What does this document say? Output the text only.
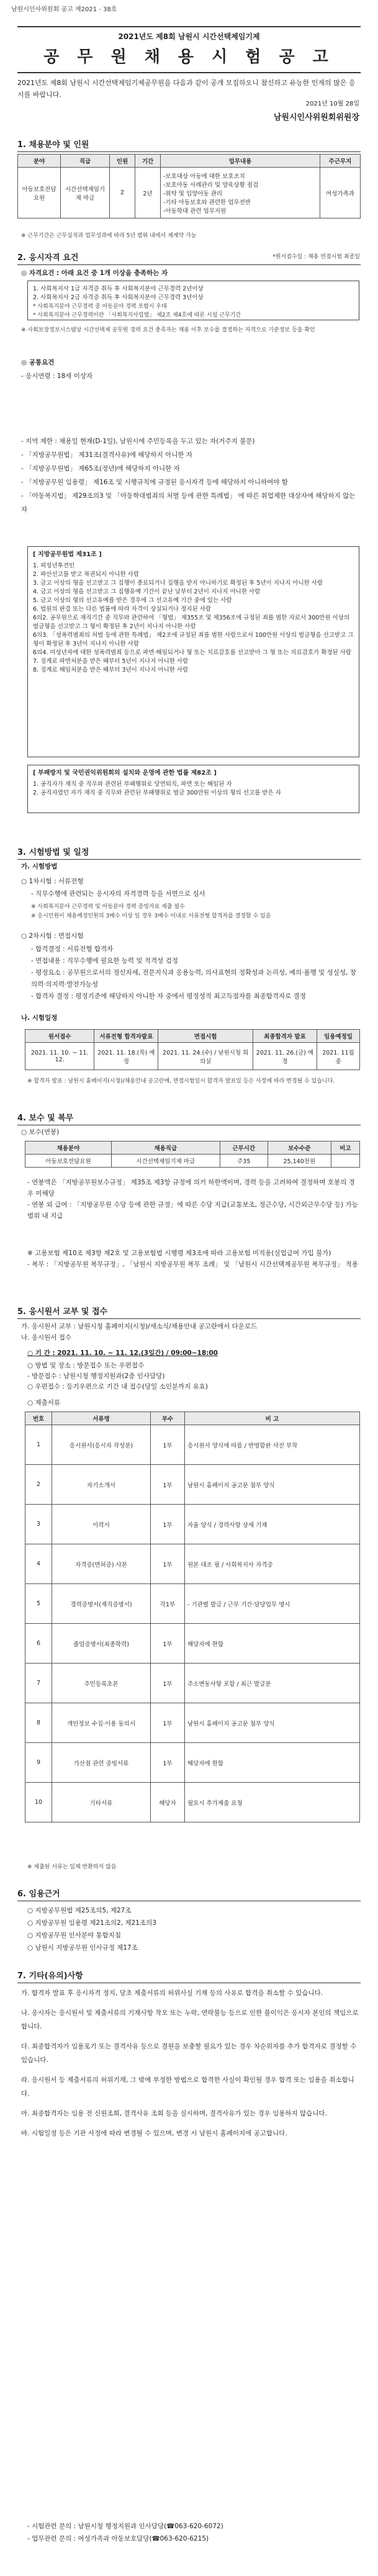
남원시인사위원회 공고 제2021 - 38호
2021년도 제8회 남원시 시간선택제임기제
공 무 원 채 용 시 험 공 고
2021년도 제8회 남원시 시간선택제임기제공무원을 다음과 같이 공개 모집하오니 참신하고 유능한 인재의 많은 응시를 바랍니다.
2021년 10월 28일
남원시인사위원회위원장
1. 채용분야 및 인원
분야	직급	인원	기간	업무내용	주근무지
아동보호전담요원	시간선택제임기제 마급	2	2년	-보호대상 아동에 대한 보호조치
-보호아동 사례관리 및 양육상황 점검
-위탁 및 입양아동 관리
-기타 아동보호와 관련한 업무전반
-아동학대 관련 업무지원	여성가족과
※ 근무기간은 근무실적과 업무성과에 따라 5년 범위 내에서 재계약 가능
2. 응시자격 요건	*원서접수일 : 채용 면접시험 최종일
◎ 자격요건 : 아래 요건 중 1개 이상을 충족하는 자
1. 사회복지사 1급 자격증 취득 후 사회복지분야 근무경력 2년이상
2. 사회복지사 2급 자격증 취득 후 사회복지분야 근무경력 3년이상
* 사회복지분야 근무경력 중 아동분야 경력 포함시 우대
* 사회복지분야 근무경력이란 「사회복지사업법」 제2조 제4호에 따른 시설 근무기간
※ 사회보장정보시스템상 시간선택제 공무원 경력 요건 충족자는 채용 이후 보수를 결정하는 자격으로 기준정보 등을 확인
◎ 공통요건
- 응시연령 : 18세 이상자
- 지역 제한 : 채용일 현재(D-1일), 남원시에 주민등록을 두고 있는 자(거주지 불문)
- 「지방공무원법」 제31조(결격사유)에 해당하지 아니한 자
- 「지방공무원법」 제65조(정년)에 해당하지 아니한 자
- 「지방공무원 임용령」 제16조 및 시행규칙에 규정된 응시자격 등에 해당하지 아니하여야 함
- 「아동복지법」 제29조의3 및 「아동학대범죄의 처벌 등에 관한 특례법」 에 따른 취업제한 대상자에 해당하지 않는 자
[ 지방공무원법 제31조 ]
1. 피성년후견인
2. 파산선고를 받고 복권되지 아니한 사람
3. 금고 이상의 형을 선고받고 그 집행이 종료되거나 집행을 받지 아니하기로 확정된 후 5년이 지나지 아니한 사람
4. 금고 이상의 형을 선고받고 그 집행유예 기간이 끝난 날부터 2년이 지나지 아니한 사람
5. 금고 이상의 형의 선고유예를 받은 경우에 그 선고유예 기간 중에 있는 사람
6. 법원의 판결 또는 다른 법률에 따라 자격이 상실되거나 정지된 사람
6의2. 공무원으로 재직기간 중 직무와 관련하여 「형법」 제355조 및 제356조에 규정된 죄를 범한 자로서 300만원 이상의 벌금형을 선고받고 그 형이 확정된 후 2년이 지나지 아니한 사람
6의3. 「성폭력범죄의 처벌 등에 관한 특례법」 제2조에 규정된 죄를 범한 사람으로서 100만원 이상의 벌금형을 선고받고 그 형이 확정된 후 3년이 지나지 아니한 사람
6의4. 미성년자에 대한 성폭력범죄 등으로 파면·해임되거나 형 또는 치료감호를 선고받아 그 형 또는 치료감호가 확정된 사람
7. 징계로 파면처분을 받은 때부터 5년이 지나지 아니한 사람
8. 징계로 해임처분을 받은 때부터 3년이 지나지 아니한 사람
[ 부패방지 및 국민권익위원회의 설치와 운영에 관한 법률 제82조 ]
1. 공직자가 재직 중 직무와 관련된 부패행위로 당연퇴직, 파면 또는 해임된 자
2. 공직자였던 자가 재직 중 직무와 관련된 부패행위로 벌금 300만원 이상의 형의 선고를 받은 자
3. 시험방법 및 일정
가. 시험방법
○ 1차시험 : 서류전형
- 직무수행에 관련되는 응시자의 자격경력 등을 서면으로 심사
※ 사회복지분야 근무경력 및 아동분야 경력 증빙자료 제출 필수
※ 응시인원이 채용예정인원의 3배수 이상 일 경우 3배수 이내로 서류전형 합격자를 결정할 수 있음
○ 2차시험 : 면접시험
- 합격결정 : 서류전형 합격자
- 면접내용 : 직무수행에 필요한 능력 및 적격성 검정
- 평정요소 : 공무원으로서의 정신자세, 전문지식과 응용능력, 의사표현의 정확성과 논리성, 예의·품행 및 성실성, 창의력·의지력·발전가능성
- 합격자 결정 : 평정기준에 해당하지 아니한 자 중에서 평정성적 최고득점자를 최종합격자로 결정
나. 시험일정
원서접수	서류전형 합격자발표	면접시험	최종합격자 발표	임용예정일
2021. 11. 10. ~ 11. 12.	2021. 11. 18.(목) 예정	2021. 11. 24.(수) / 남원시청 회의실	2021. 11. 26.(금) 예정	2021. 11월 중
※ 합격자 발표 : 남원시 홈페이지(시청)/채용안내 공고란에, 면접시험일시 합격자 발표일 등은 사정에 따라 변경될 수 있습니다.
4. 보수 및 복무
○ 보수(연봉)
채용분야	채용직급	근무시간	보수수준	비고
아동보호전담요원	시간선택제임기제 마급	주35	25,140천원	
- 연봉액은 「지방공무원보수규정」 제35조 제3항 규정에 의거 하한액이며, 경력 등을 고려하여 결정하며 호봉의 경우 미해당
- 연봉 외 급여 : 「지방공무원 수당 등에 관한 규정」에 따른 수당 지급(교통보조, 정근수당, 시간외근무수당 등) 가능 범위 내 지급
※ 고용보험 제10조 제3항 제2호 및 고용보험법 시행령 제3조에 따라 고용보험 미적용(실업급여 가입 불가)
- 복무 : 「지방공무원 복무규정」, 「남원시 지방공무원 복무 조례」 및 「남원시 시간선택제공무원 복무규정」 적용
5. 응시원서 교부 및 접수
가. 응시원서 교부 : 남원시청 홈페이지(시청)/새소식/채용안내 공고란에서 다운로드
나. 응시원서 접수
○ 기 간 : 2021. 11. 10. ~ 11. 12.(3일간) / 09:00~18:00
○ 방법 및 장소 : 방문접수 또는 우편접수
- 방문접수 : 남원시청 행정지원과(2층 인사담당)
○ 우편접수 : 등기우편으로 기간 내 접수(당일 소인분까지 유효)
○ 제출서류
번호	서류명	부수	비 고
1	응시원서(응시자 작성분)	1부	응시원서 양식에 따름 / 반명함판 사진 부착
2	자기소개서	1부	남원시 홈페이지 공고문 첨부 양식
3	이력서	1부	자율 양식 / 경력사항 상세 기재
4	자격증(면허증) 사본	1부	원본 대조 필 / 사회복지사 자격증
5	경력증명서(재직증명서)	각1부	- 기관별 발급 / 근무 기간·담당업무 명시
6	졸업증명서(최종학력)	1부	해당자에 한함
7	주민등록초본	1부	주소변동사항 포함 / 최근 발급분
8	개인정보 수집·이용 동의서	1부	남원시 홈페이지 공고문 첨부 양식
9	가산점 관련 증빙서류	1부	해당자에 한함
10	기타서류	해당자	필요시 추가제출 요청
※ 제출된 서류는 일체 반환하지 않음
6. 임용근거
○ 지방공무원법 제25조의5, 제27조
○ 지방공무원 임용령 제21조의2, 제21조의3
○ 지방공무원 인사분야 통합지침
○ 남원시 지방공무원 인사규정 제17조
7. 기타(유의)사항
가. 합격자 발표 후 응시자격 정지, 당초 제출서류의 허위사실 기재 등의 사유로 합격을 취소할 수 있습니다.
나. 응시자는 응시원서 및 제출서류의 기재사항 착오 또는 누락, 연락불능 등으로 인한 불이익은 응시자 본인의 책임으로 합니다.
다. 최종합격자가 임용포기 또는 결격사유 등으로 결원을 보충할 필요가 있는 경우 차순위자를 추가 합격자로 결정할 수 있습니다.
라. 응시원서 등 제출서류의 허위기재, 그 밖에 부정한 방법으로 합격한 사실이 확인될 경우 합격 또는 임용을 취소합니다.
마. 최종합격자는 임용 전 신원조회, 결격사유 조회 등을 실시하며, 결격사유가 있는 경우 임용하지 않습니다.
바. 시험일정 등은 기관 사정에 따라 변경될 수 있으며, 변경 시 남원시 홈페이지에 공고합니다.
- 시험관련 문의 : 남원시청 행정지원과 인사담당(☎063-620-6072)
- 업무관련 문의 : 여성가족과 아동보호담당(☎063-620-6215)
